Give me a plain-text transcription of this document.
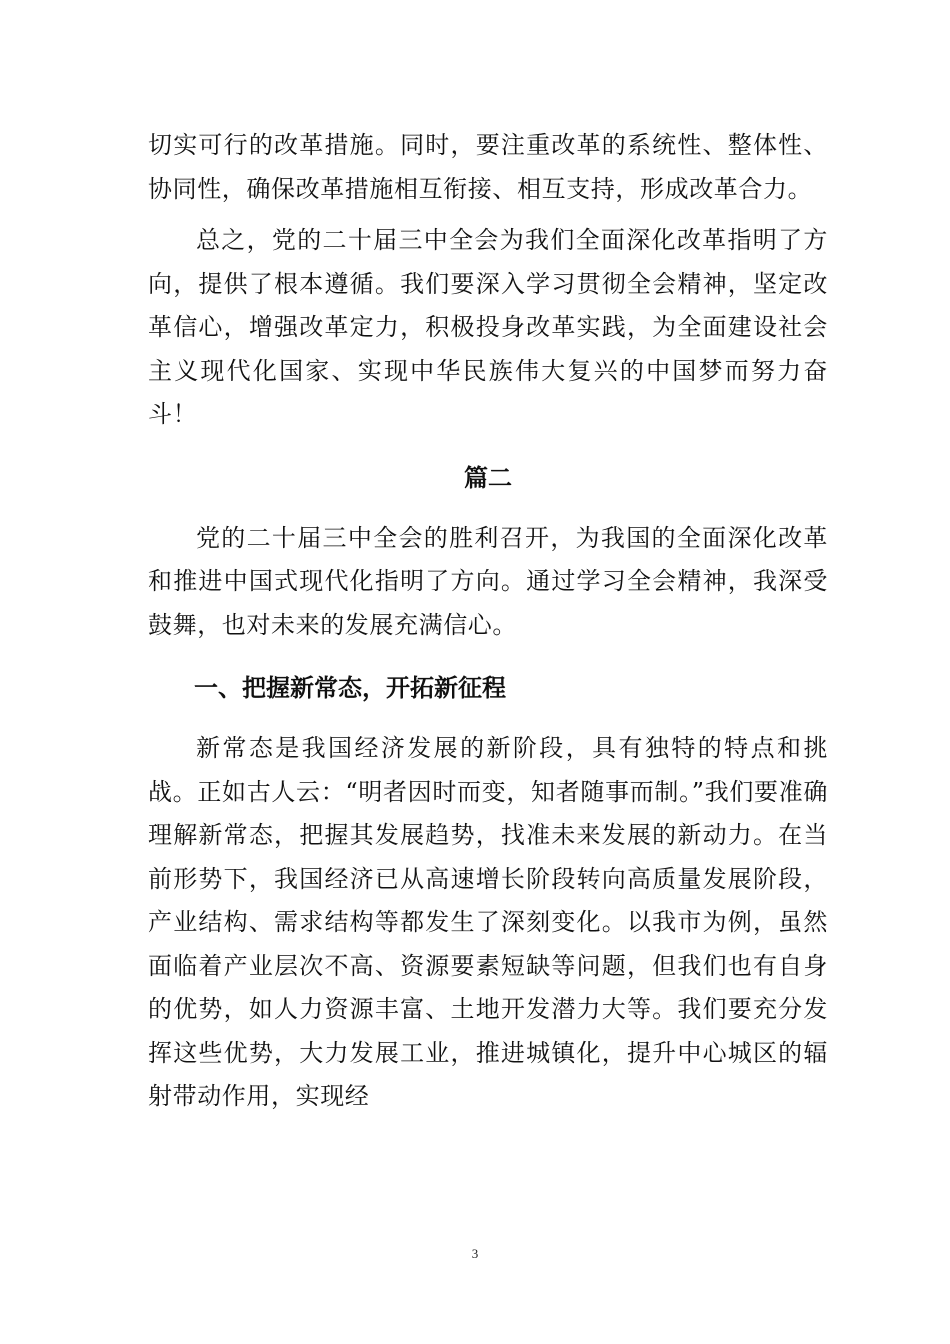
切实可行的改革措施。同时，要注重改革的系统性、整体性、协同性，确保改革措施相互衔接、相互支持，形成改革合力。

总之，党的二十届三中全会为我们全面深化改革指明了方向，提供了根本遵循。我们要深入学习贯彻全会精神，坚定改革信心，增强改革定力，积极投身改革实践，为全面建设社会主义现代化国家、实现中华民族伟大复兴的中国梦而努力奋斗！

篇二

党的二十届三中全会的胜利召开，为我国的全面深化改革和推进中国式现代化指明了方向。通过学习全会精神，我深受鼓舞，也对未来的发展充满信心。

一、把握新常态，开拓新征程

新常态是我国经济发展的新阶段，具有独特的特点和挑战。正如古人云：“明者因时而变，知者随事而制。”我们要准确理解新常态，把握其发展趋势，找准未来发展的新动力。在当前形势下，我国经济已从高速增长阶段转向高质量发展阶段，产业结构、需求结构等都发生了深刻变化。以我市为例，虽然面临着产业层次不高、资源要素短缺等问题，但我们也有自身的优势，如人力资源丰富、土地开发潜力大等。我们要充分发挥这些优势，大力发展工业，推进城镇化，提升中心城区的辐射带动作用，实现经

3
